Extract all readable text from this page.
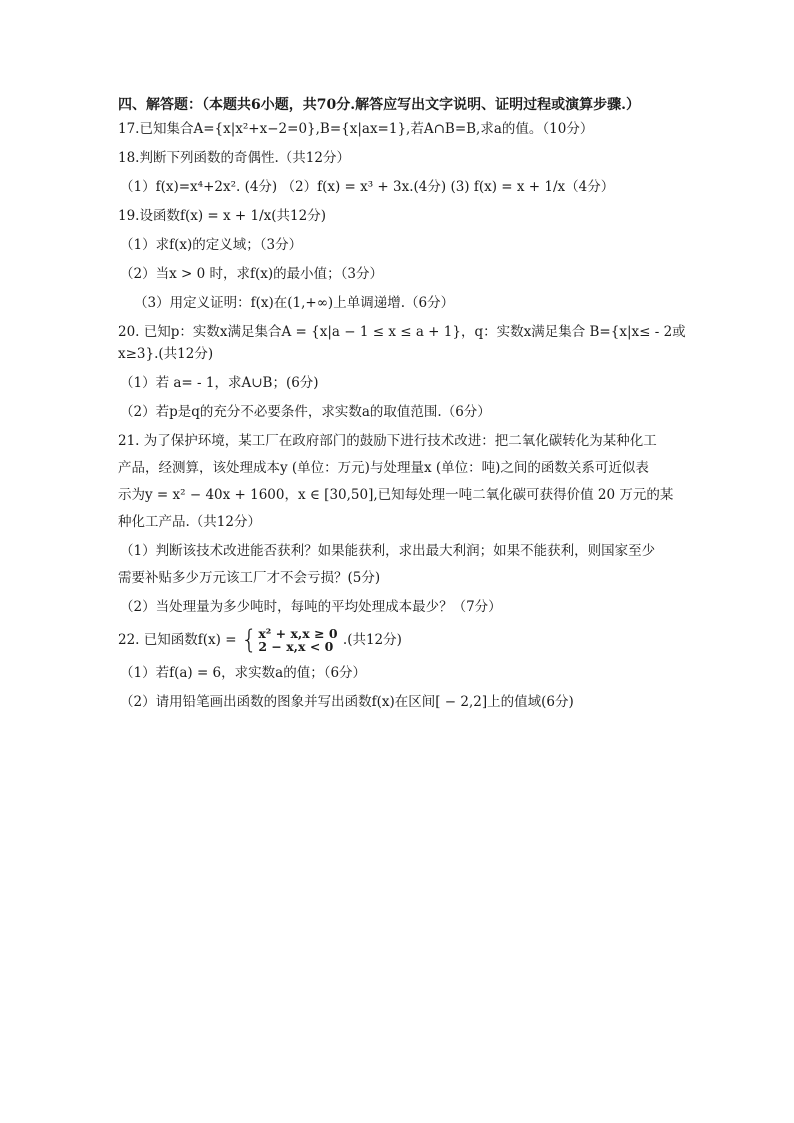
四、解答题：（本题共6小题，共70分.解答应写出文字说明、证明过程或演算步骤.）

17.已知集合A={x|x²+x−2=0},B={x|ax=1},若A∩B=B,求a的值。（10分）

18.判断下列函数的奇偶性.（共12分）

（1）f(x)=x⁴+2x². (4分) （2）f(x) = x³ + 3x.(4分) (3) f(x) = x + 1/x（4分）

19.设函数f(x) = x + 1/x(共12分)

（1）求f(x)的定义域；（3分）

（2）当x > 0 时，求f(x)的最小值；（3分）

（3）用定义证明：f(x)在(1,+∞)上单调递增.（6分）

20. 已知p：实数x满足集合A = {x|a − 1 ≤ x ≤ a + 1}，q：实数x满足集合 B={x|x≤ - 2或

x≥3}.(共12分)

（1）若 a= - 1，求A∪B；(6分)

（2）若p是q的充分不必要条件，求实数a的取值范围.（6分）

21. 为了保护环境，某工厂在政府部门的鼓励下进行技术改进：把二氧化碳转化为某种化工

产品，经测算，该处理成本y (单位：万元)与处理量x (单位：吨)之间的函数关系可近似表

示为y = x² − 40x + 1600，x ∈ [30,50],已知每处理一吨二氧化碳可获得价值 20 万元的某

种化工产品.（共12分）

（1）判断该技术改进能否获利？如果能获利，求出最大利润；如果不能获利，则国家至少

需要补贴多少万元该工厂才不会亏损？(5分)

（2）当处理量为多少吨时，每吨的平均处理成本最少？（7分）

22. 已知函数f(x) = { x² + x,x ≥ 0
2 − x,x < 0 .(共12分)

（1）若f(a) = 6，求实数a的值；（6分）

（2）请用铅笔画出函数的图象并写出函数f(x)在区间[ − 2,2]上的值域(6分)
